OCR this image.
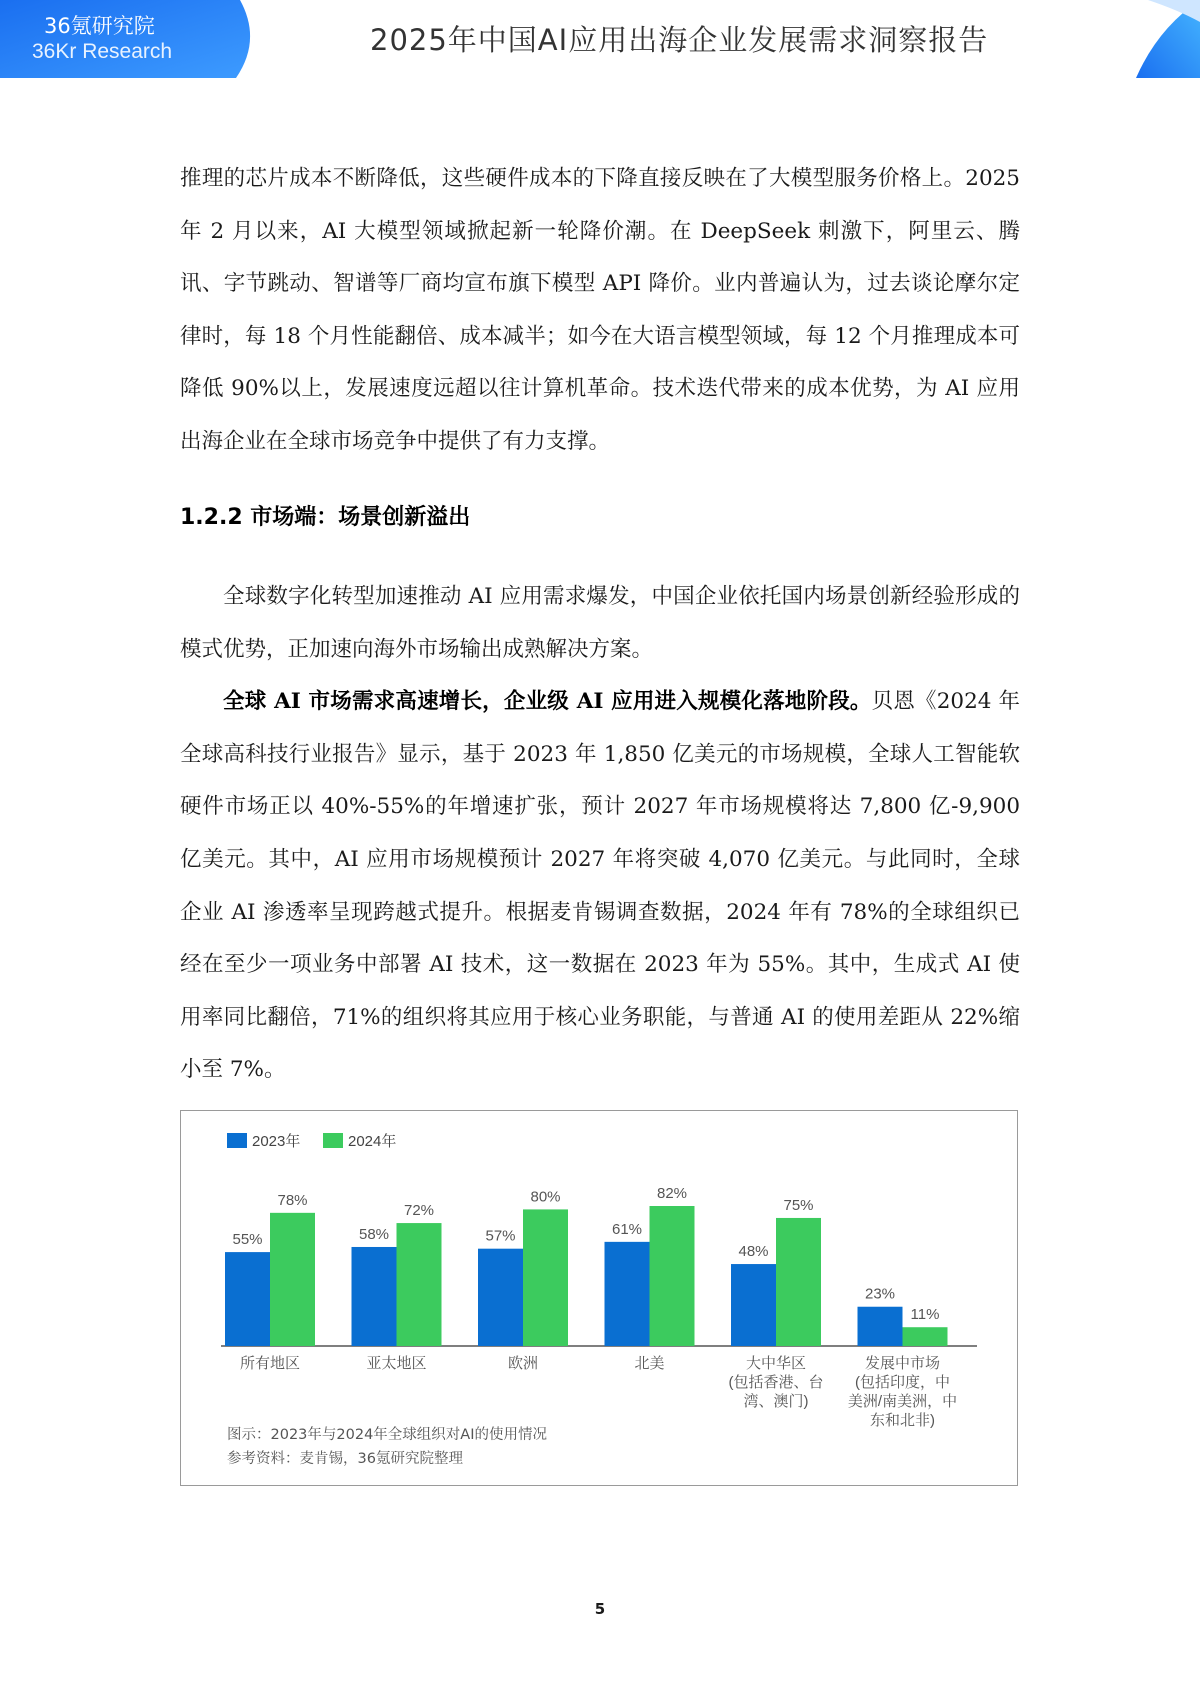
36氪研究院
36Kr Research	2025年中国AI应用出海企业发展需求洞察报告

推理的芯片成本不断降低，这些硬件成本的下降直接反映在了大模型服务价格上。2025 年 2 月以来，AI 大模型领域掀起新一轮降价潮。在 DeepSeek 刺激下，阿里云、腾讯、字节跳动、智谱等厂商均宣布旗下模型 API 降价。业内普遍认为，过去谈论摩尔定律时，每 18 个月性能翻倍、成本减半；如今在大语言模型领域，每 12 个月推理成本可降低 90%以上，发展速度远超以往计算机革命。技术迭代带来的成本优势，为 AI 应用出海企业在全球市场竞争中提供了有力支撑。

1.2.2 市场端：场景创新溢出

全球数字化转型加速推动 AI 应用需求爆发，中国企业依托国内场景创新经验形成的模式优势，正加速向海外市场输出成熟解决方案。

全球 AI 市场需求高速增长，企业级 AI 应用进入规模化落地阶段。贝恩《2024 年全球高科技行业报告》显示，基于 2023 年 1,850 亿美元的市场规模，全球人工智能软硬件市场正以 40%-55%的年增速扩张，预计 2027 年市场规模将达 7,800 亿-9,900 亿美元。其中，AI 应用市场规模预计 2027 年将突破 4,070 亿美元。与此同时，全球企业 AI 渗透率呈现跨越式提升。根据麦肯锡调查数据，2024 年有 78%的全球组织已经在至少一项业务中部署 AI 技术，这一数据在 2023 年为 55%。其中，生成式 AI 使用率同比翻倍，71%的组织将其应用于核心业务职能，与普通 AI 的使用差距从 22%缩小至 7%。

2023年	2024年
55%
78%
所有地区
58%
72%
亚太地区
57%
80%
欧洲
61%
82%
北美
48%
75%
大中华区
(包括香港、台
湾、澳门)
23%
11%
发展中市场
(包括印度，中
美洲/南美洲，中
东和北非)
图示：2023年与2024年全球组织对AI的使用情况
参考资料：麦肯锡，36氪研究院整理
5
